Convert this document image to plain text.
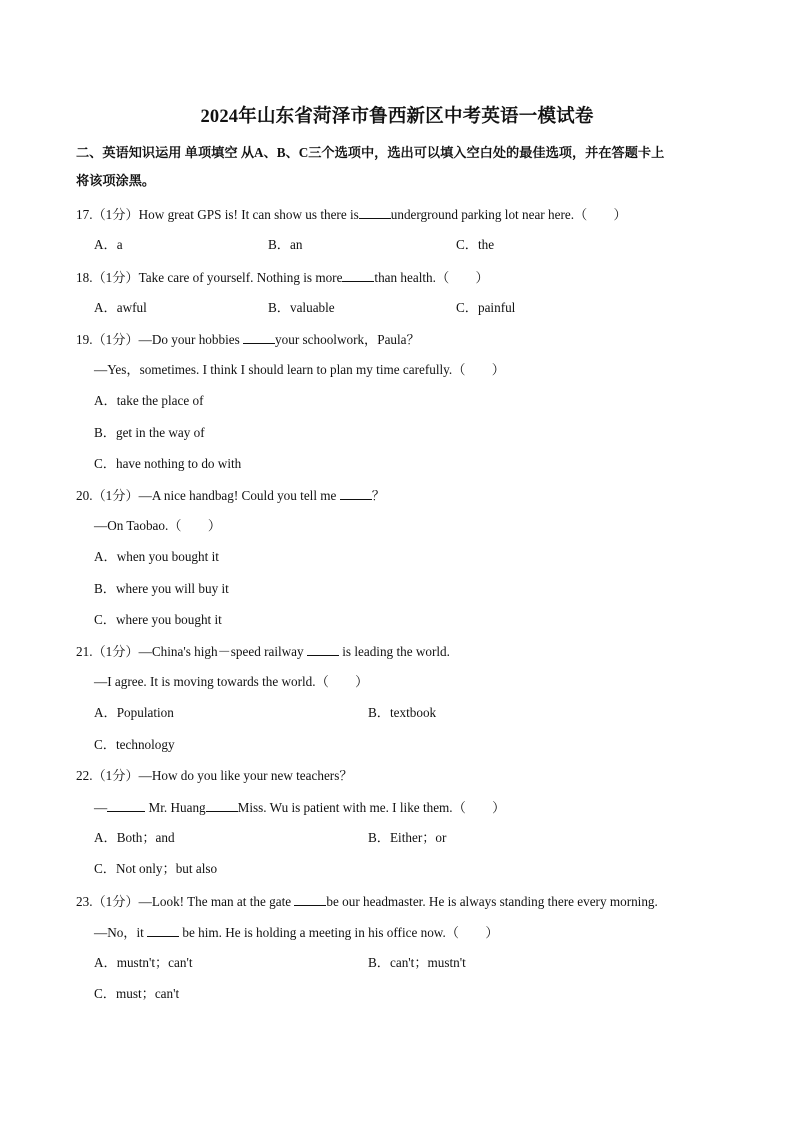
2024年山东省菏泽市鲁西新区中考英语一模试卷
二、英语知识运用 单项填空 从A、B、C三个选项中，选出可以填入空白处的最佳选项，并在答题卡上
将该项涂黑。
17.（1分）How great GPS is! It can show us there is underground parking lot near here.（　　）
A．a	B．an	C．the
18.（1分）Take care of yourself. Nothing is more than health.（　　）
A．awful	B．valuable	C．painful
19.（1分）—Do your hobbies your schoolwork，Paula？
—Yes，sometimes. I think I should learn to plan my time carefully.（　　）
A．take the place of
B．get in the way of
C．have nothing to do with
20.（1分）—A nice handbag! Could you tell me ？
—On Taobao.（　　）
A．when you bought it
B．where you will buy it
C．where you bought it
21.（1分）—China's high－speed railway  is leading the world.
—I agree. It is moving towards the world.（　　）
A．Population	B．textbook
C．technology
22.（1分）—How do you like your new teachers？
—	Mr. Huang Miss. Wu is patient with me. I like them.（　　）
A．Both；and	B．Either；or
C．Not only；but also
23.（1分）—Look! The man at the gate be our headmaster. He is always standing there every morning.
—No，it  be him. He is holding a meeting in his office now.（　　）
A．mustn't；can't	B．can't；mustn't
C．must；can't
